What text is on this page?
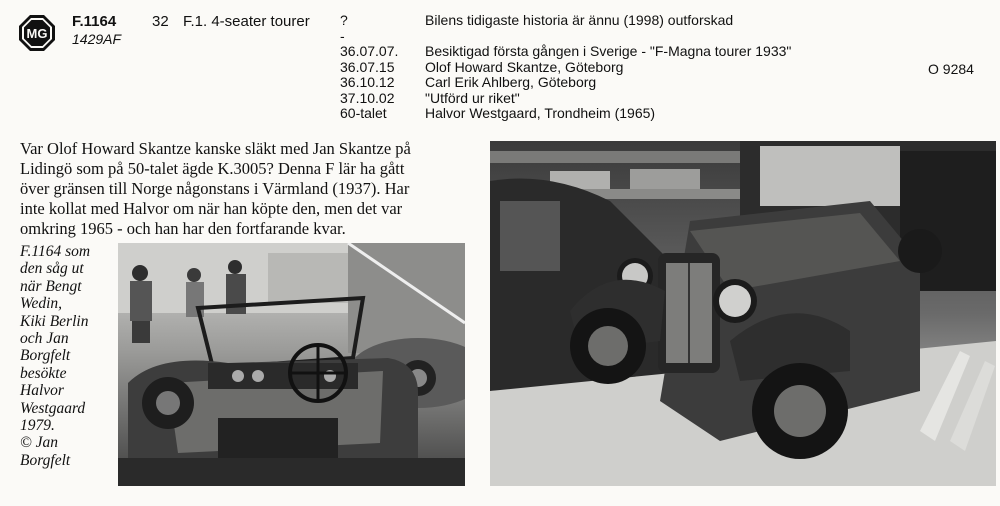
MG
F.1164
1429AF
32 F.1. 4-seater tourer ?
-
36.07.07.
36.07.15
36.10.12
37.10.02
60-talet
Bilens tidigaste historia är ännu (1998) outforskad

Besiktigad första gången i Sverige - "F-Magna tourer 1933"
Olof Howard Skantze, Göteborg
Carl Erik Ahlberg, Göteborg
"Utförd ur riket"
Halvor Westgaard, Trondheim (1965)
O 9284
Var Olof Howard Skantze kanske släkt med Jan Skantze på
Lidingö som på 50-talet ägde K.3005? Denna F lär ha gått
över gränsen till Norge någonstans i Värmland (1937). Har
inte kollat med Halvor om när han köpte den, men det var
omkring 1965 - och han har den fortfarande kvar.
F.1164 som
den såg ut
när Bengt
Wedin,
Kiki Berlin
och Jan
Borgfelt
besökte
Halvor
Westgaard
1979.
© Jan
Borgfelt
